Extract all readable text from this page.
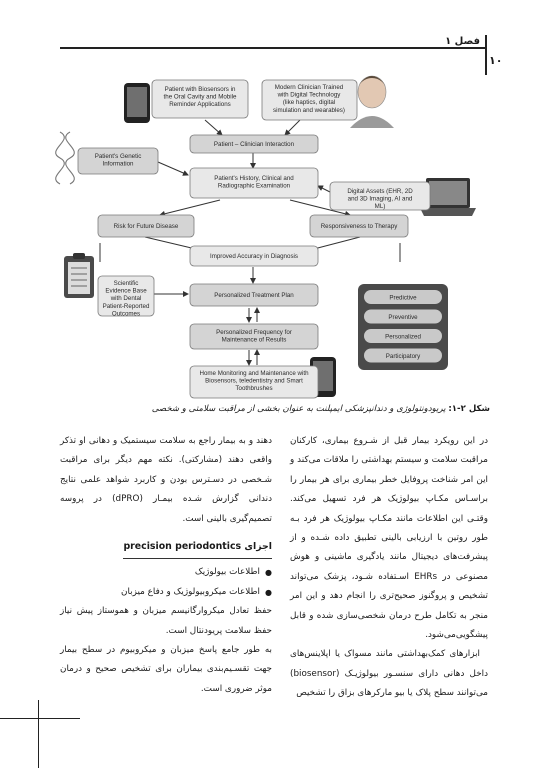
فصل ۱
۱۰
Patient with Biosensors in the Oral Cavity and Mobile Reminder Applications
Modern Clinician Trained with Digital Technology (like haptics, digital simulation and wearables)
Patient – Clinician Interaction
Patient's Genetic Information
Patient's History, Clinical and Radiographic Examination
Digital Assets (EHR, 2D and 3D Imaging, AI and ML)
Risk for Future Disease	Responsiveness to Therapy
Improved Accuracy in Diagnosis
Scientific Evidence Base with Dental Patient-Reported Outcomes
Personalized Treatment Plan
Personalized Frequency for Maintenance of Results
Home Monitoring and Maintenance with Biosensors, teledentistry and Smart Toothbrushes
Predictive
Preventive
Personalized
Participatory
شکل ۲-۱: پریودونتولوژی و دندانپزشکی ایمپلنت به عنوان بخشی از مراقبت سلامتی و شخصی

در این رویکرد بیمار قبل از شـروع بیماری، کارکنان مراقبت سلامت و سیستم بهداشتی را ملاقات می‌کند و این امر شناخت پروفایل خطر بیماری برای هر بیمار را براسـاس مکـاپ بیولوژیک هر فرد تسهیل می‌کند. وقتـی این اطلاعات مانند مکـاپ بیولوژیک هر فرد بـه طور روتین با ارزیابی بالینی تطبیق داده شـده و از پیشرفت‌های دیجیتال مانند یادگیری ماشینی و هوش مصنوعی در EHRs اسـتفاده شـود، پزشک می‌تواند تشخیص و پروگنوز صحیح‌تری را انجام دهد و این امر منجر به تکامل طرح درمان شخصی‌سازی شده و قابل پیشگویی‌می‌شود.

ابزارهای کمک‌بهداشتی مانند مسواک یا اپلاینس‌های داخل دهانی دارای سنسـور بیولوژیـک (biosensor) می‌توانند سطح پلاک یا بیو مارکرهای بزاق را تشخیص

دهند و به بیمار راجع به سلامت سیستمیک و دهانی او تذکر واقعی دهند (مشارکتی). نکته مهم دیگر برای مراقبت شـخصی در دسـترس بودن و کاربرد شواهد علمی نتایج دندانی گزارش شـده بیمـار (dPRO) در پروسه تصمیم‌گیری بالینی است.

اجزای precision periodontics

● اطلاعات بیولوژیک

● اطلاعات میکروبیولوژیک و دفاع میزبان

حفظ تعادل میکروارگانیسم میزبان و هموستاز پیش نیاز حفظ سلامت پریودنتال است.

به طور جامع پاسخ میزبان و میکروبیوم در سطح بیمار جهت تقسـیم‌بندی بیماران برای تشخیص صحیح و درمان موثر ضروری است.
